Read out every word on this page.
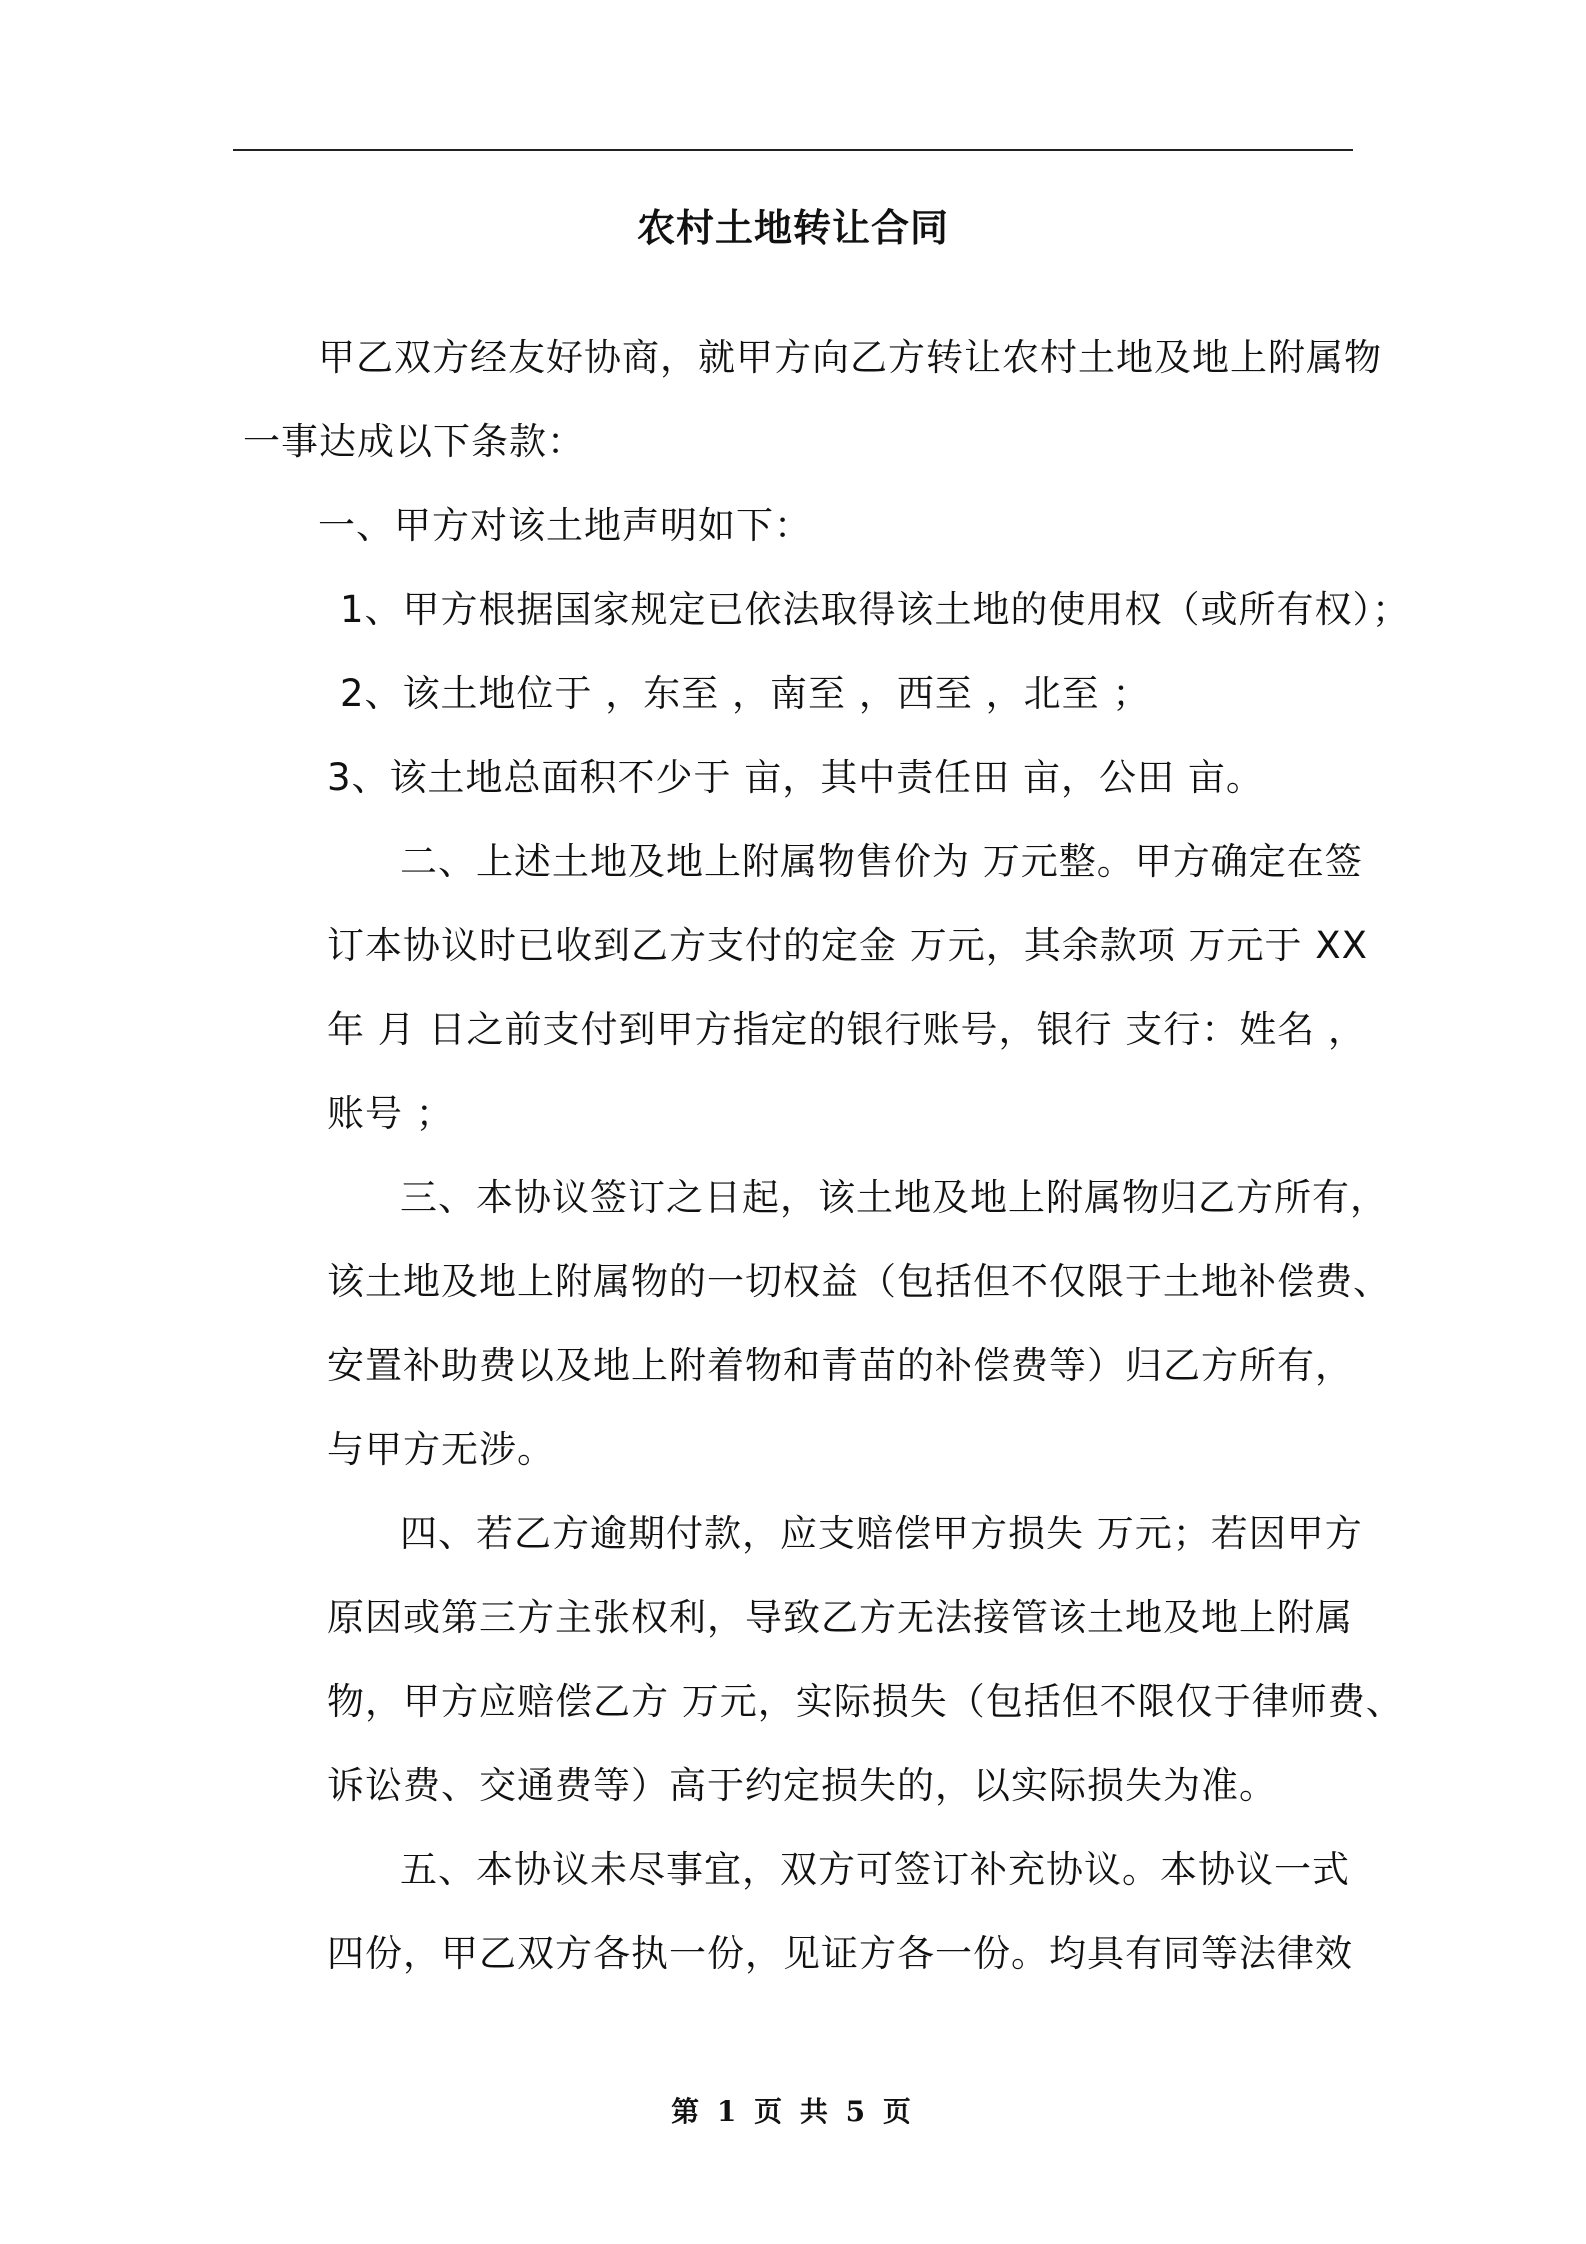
农村土地转让合同
甲乙双方经友好协商，就甲方向乙方转让农村土地及地上附属物
一事达成以下条款：
一、甲方对该土地声明如下：
1、甲方根据国家规定已依法取得该土地的使用权（或所有权）；
2、该土地位于 ，东至 ，南至 ，西至 ，北至 ；
3、该土地总面积不少于 亩，其中责任田 亩，公田 亩。
二、上述土地及地上附属物售价为 万元整。甲方确定在签
订本协议时已收到乙方支付的定金 万元，其余款项 万元于 XX
年 月 日之前支付到甲方指定的银行账号，银行 支行：姓名 ，
账号 ；
三、本协议签订之日起，该土地及地上附属物归乙方所有，
该土地及地上附属物的一切权益（包括但不仅限于土地补偿费、
安置补助费以及地上附着物和青苗的补偿费等）归乙方所有，
与甲方无涉。
四、若乙方逾期付款，应支赔偿甲方损失 万元；若因甲方
原因或第三方主张权利，导致乙方无法接管该土地及地上附属
物，甲方应赔偿乙方 万元，实际损失（包括但不限仅于律师费、
诉讼费、交通费等）高于约定损失的，以实际损失为准。
五、本协议未尽事宜，双方可签订补充协议。本协议一式
四份，甲乙双方各执一份，见证方各一份。均具有同等法律效
第 1 页 共 5 页
